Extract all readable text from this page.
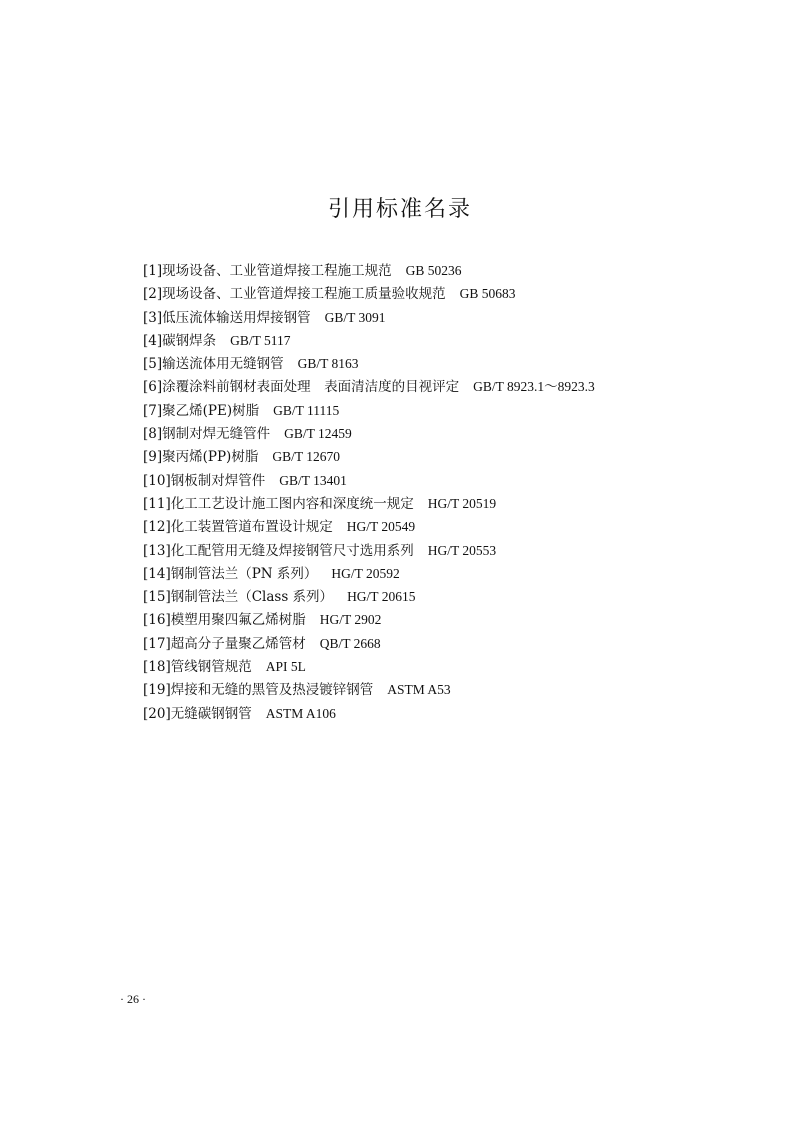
引用标准名录
[1]现场设备、工业管道焊接工程施工规范 GB 50236
[2]现场设备、工业管道焊接工程施工质量验收规范 GB 50683
[3]低压流体输送用焊接钢管 GB/T 3091
[4]碳钢焊条 GB/T 5117
[5]输送流体用无缝钢管 GB/T 8163
[6]涂覆涂料前钢材表面处理　表面清洁度的目视评定 GB/T 8923.1～8923.3
[7]聚乙烯(PE)树脂 GB/T 11115
[8]钢制对焊无缝管件 GB/T 12459
[9]聚丙烯(PP)树脂 GB/T 12670
[10]钢板制对焊管件 GB/T 13401
[11]化工工艺设计施工图内容和深度统一规定 HG/T 20519
[12]化工装置管道布置设计规定 HG/T 20549
[13]化工配管用无缝及焊接钢管尺寸选用系列 HG/T 20553
[14]钢制管法兰（PN 系列） HG/T 20592
[15]钢制管法兰（Class 系列） HG/T 20615
[16]模塑用聚四氟乙烯树脂 HG/T 2902
[17]超高分子量聚乙烯管材 QB/T 2668
[18]管线钢管规范 API 5L
[19]焊接和无缝的黑管及热浸镀锌钢管 ASTM A53
[20]无缝碳钢钢管 ASTM A106
· 26 ·
